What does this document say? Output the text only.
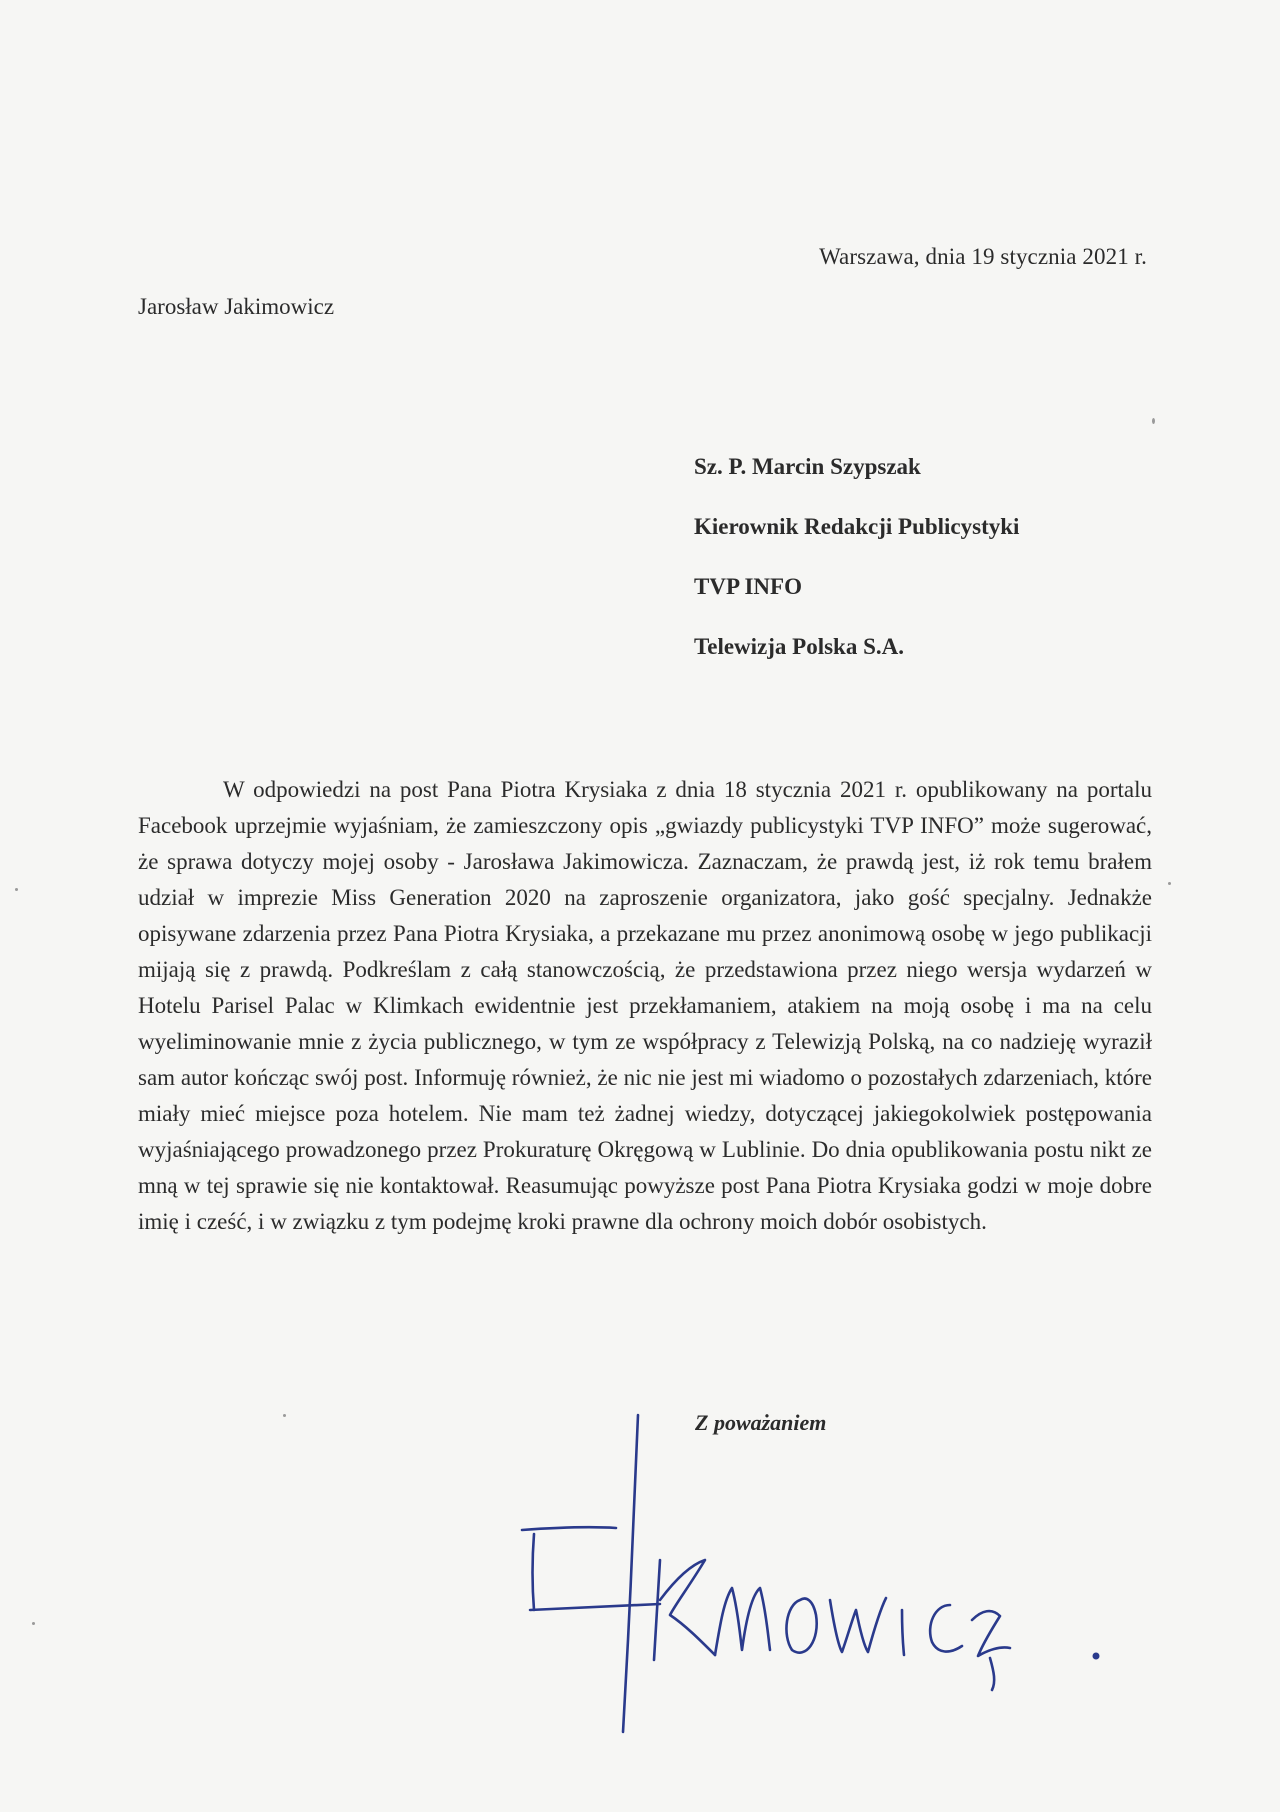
Warszawa, dnia 19 stycznia 2021 r.
Jarosław Jakimowicz
Sz. P. Marcin Szypszak
Kierownik Redakcji Publicystyki
TVP INFO
Telewizja Polska S.A.

W odpowiedzi na post Pana Piotra Krysiaka z dnia 18 stycznia 2021 r. opublikowany na portalu Facebook uprzejmie wyjaśniam, że zamieszczony opis „gwiazdy publicystyki TVP INFO” może sugerować, że sprawa dotyczy mojej osoby - Jarosława Jakimowicza. Zaznaczam, że prawdą jest, iż rok temu brałem udział w imprezie Miss Generation 2020 na zaproszenie organizatora, jako gość specjalny. Jednakże opisywane zdarzenia przez Pana Piotra Krysiaka, a przekazane mu przez anonimową osobę w jego publikacji mijają się z prawdą. Podkreślam z całą stanowczością, że przedstawiona przez niego wersja wydarzeń w Hotelu Parisel Palac w Klimkach ewidentnie jest przekłamaniem, atakiem na moją osobę i ma na celu wyeliminowanie mnie z życia publicznego, w tym ze współpracy z Telewizją Polską, na co nadzieję wyraził sam autor kończąc swój post. Informuję również, że nic nie jest mi wiadomo o pozostałych zdarzeniach, które miały mieć miejsce poza hotelem. Nie mam też żadnej wiedzy, dotyczącej jakiegokolwiek postępowania wyjaśniającego prowadzonego przez Prokuraturę Okręgową w Lublinie. Do dnia opublikowania postu nikt ze mną w tej sprawie się nie kontaktował. Reasumując powyższe post Pana Piotra Krysiaka godzi w moje dobre imię i cześć, i w związku z tym podejmę kroki prawne dla ochrony moich dobór osobistych.

Z poważaniem
